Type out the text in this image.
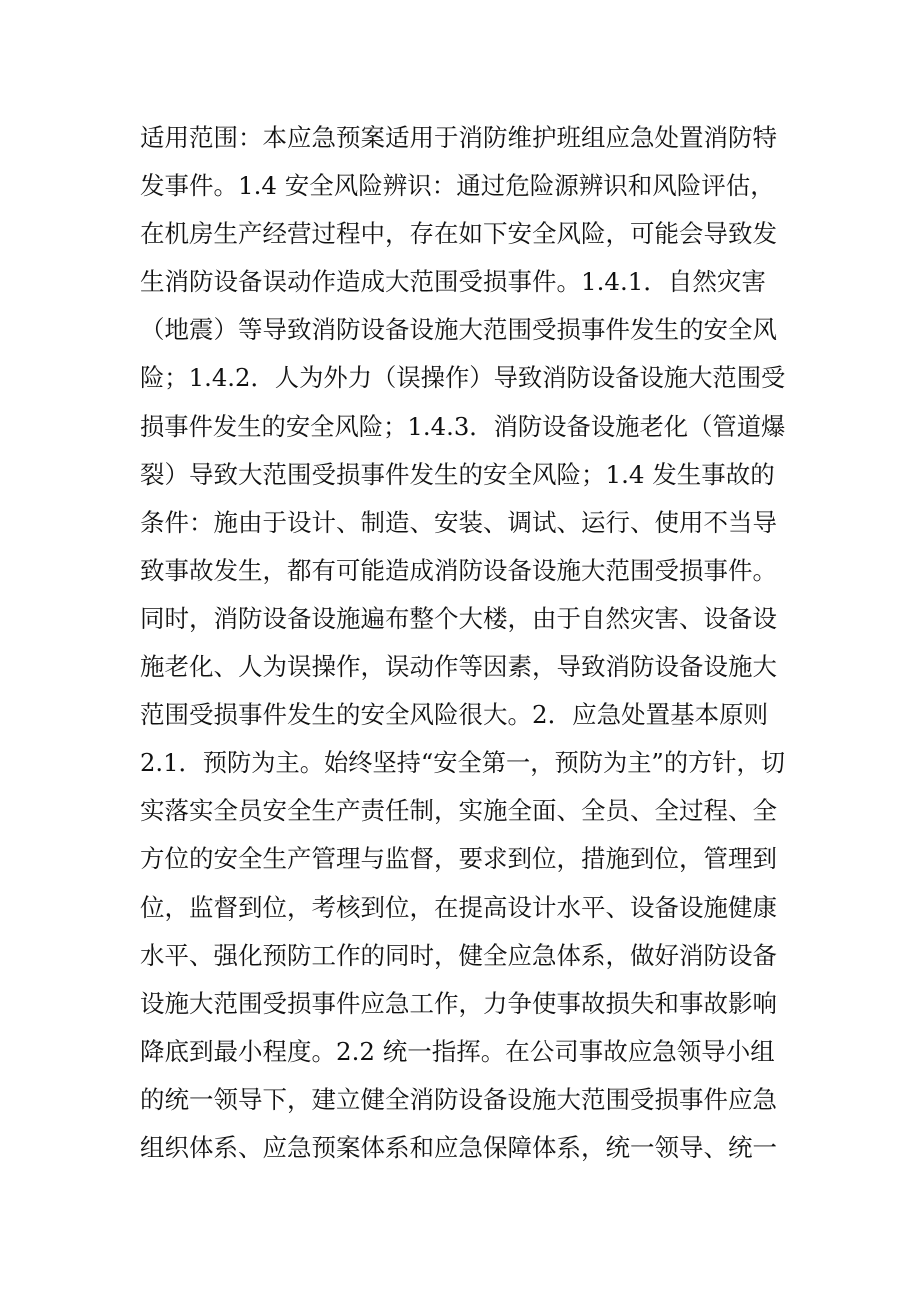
适用范围：本应急预案适用于消防维护班组应急处置消防特
发事件。1.4 安全风险辨识：通过危险源辨识和风险评估，
在机房生产经营过程中，存在如下安全风险，可能会导致发
生消防设备误动作造成大范围受损事件。1.4.1．自然灾害
（地震）等导致消防设备设施大范围受损事件发生的安全风
险；1.4.2．人为外力（误操作）导致消防设备设施大范围受
损事件发生的安全风险；1.4.3．消防设备设施老化（管道爆
裂）导致大范围受损事件发生的安全风险；1.4 发生事故的
条件：施由于设计、制造、安装、调试、运行、使用不当导
致事故发生，都有可能造成消防设备设施大范围受损事件。
同时，消防设备设施遍布整个大楼，由于自然灾害、设备设
施老化、人为误操作，误动作等因素，导致消防设备设施大
范围受损事件发生的安全风险很大。2．应急处置基本原则
2.1．预防为主。始终坚持“安全第一，预防为主”的方针，切
实落实全员安全生产责任制，实施全面、全员、全过程、全
方位的安全生产管理与监督，要求到位，措施到位，管理到
位，监督到位，考核到位，在提高设计水平、设备设施健康
水平、强化预防工作的同时，健全应急体系，做好消防设备
设施大范围受损事件应急工作，力争使事故损失和事故影响
降底到最小程度。2.2 统一指挥。在公司事故应急领导小组
的统一领导下，建立健全消防设备设施大范围受损事件应急
组织体系、应急预案体系和应急保障体系，统一领导、统一
